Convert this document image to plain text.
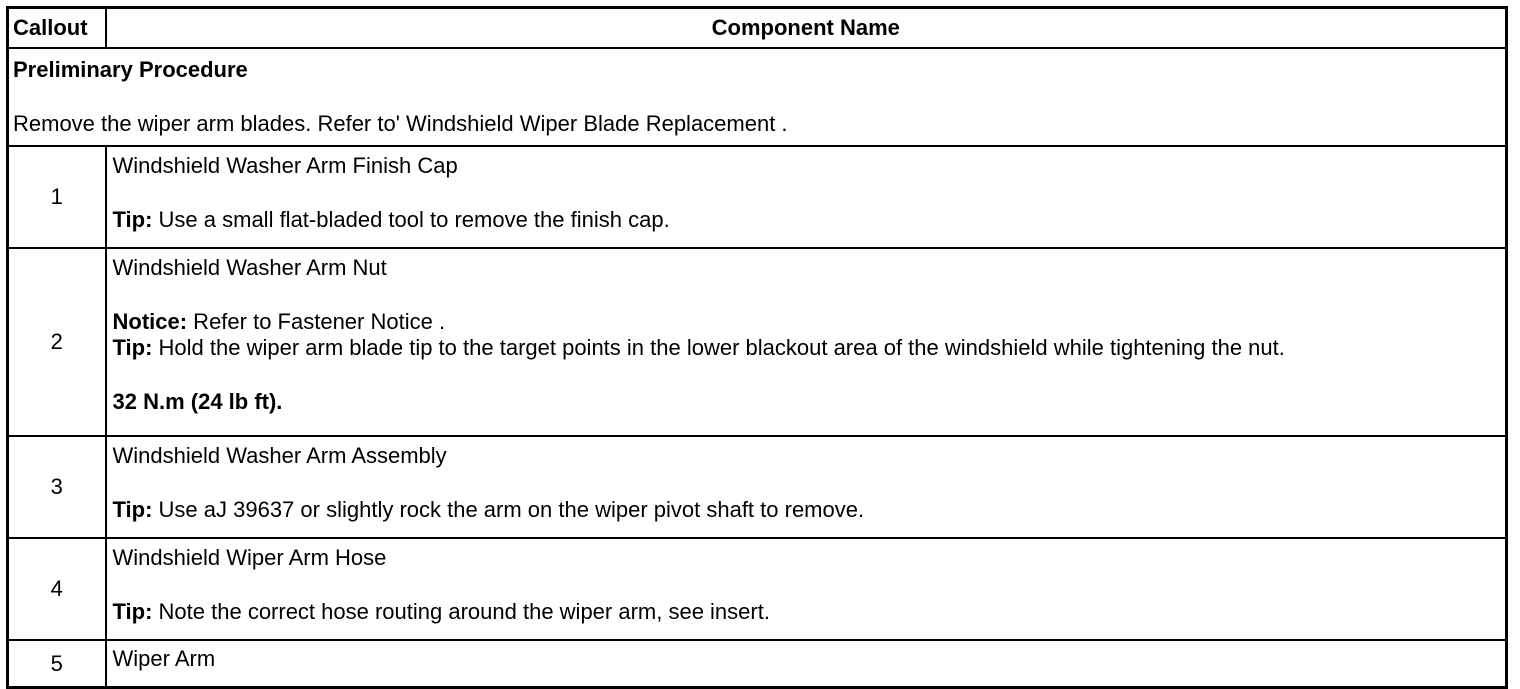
Callout	Component Name

Preliminary Procedure
Remove the wiper arm blades. Refer to' Windshield Wiper Blade Replacement .	

1	Windshield Washer Arm Finish Cap
Tip: Use a small flat-bladed tool to remove the finish cap.

2	Windshield Washer Arm Nut
Notice: Refer to Fastener Notice .
Tip: Hold the wiper arm blade tip to the target points in the lower blackout area of the windshield while tightening the nut.
32 N.m (24 lb ft).

3	Windshield Washer Arm Assembly
Tip: Use aJ 39637 or slightly rock the arm on the wiper pivot shaft to remove.

4	Windshield Wiper Arm Hose
Tip: Note the correct hose routing around the wiper arm, see insert.

5	Wiper Arm
